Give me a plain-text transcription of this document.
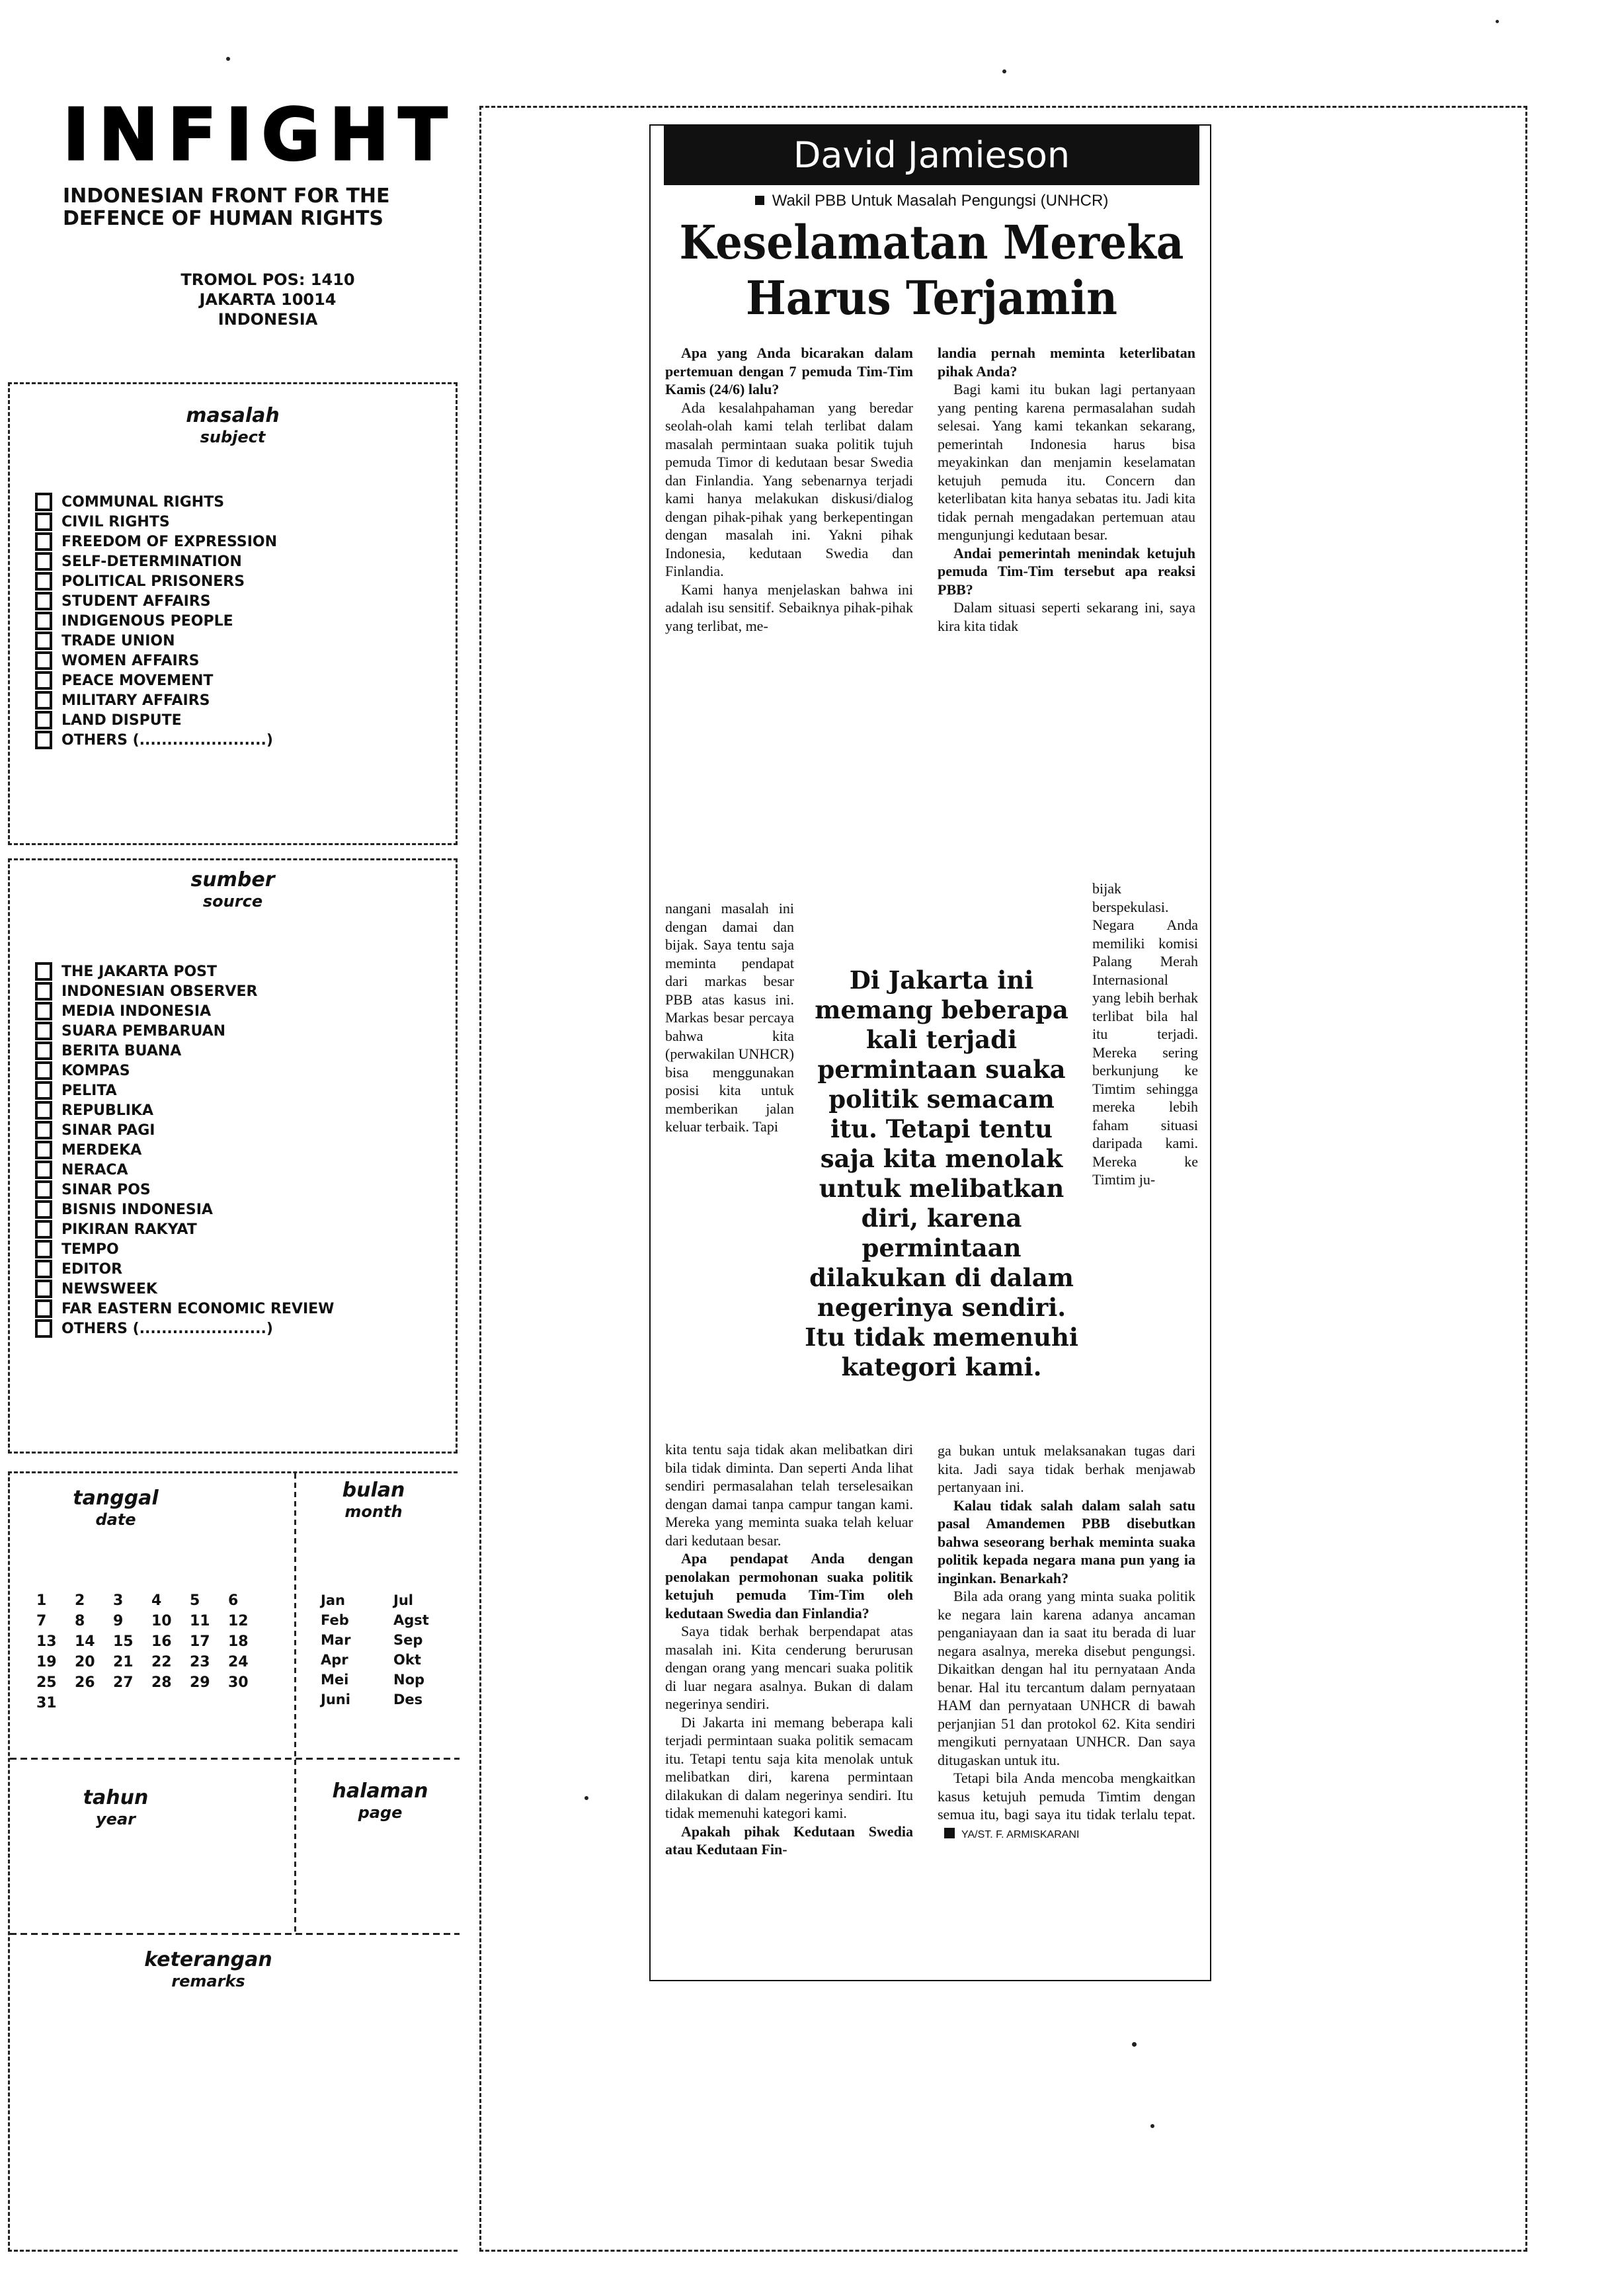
INFIGHT
INDONESIAN FRONT FOR THE DEFENCE OF HUMAN RIGHTS
TROMOL POS: 1410
JAKARTA 10014
INDONESIA
masalah
subject
COMMUNAL RIGHTS
CIVIL RIGHTS
FREEDOM OF EXPRESSION
SELF-DETERMINATION
POLITICAL PRISONERS
STUDENT AFFAIRS
INDIGENOUS PEOPLE
TRADE UNION
WOMEN AFFAIRS
PEACE MOVEMENT
MILITARY AFFAIRS
LAND DISPUTE
OTHERS (.......................)
sumber
source
THE JAKARTA POST
INDONESIAN OBSERVER
MEDIA INDONESIA
SUARA PEMBARUAN
BERITA BUANA
KOMPAS
PELITA
REPUBLIKA
SINAR PAGI
MERDEKA
NERACA
SINAR POS
BISNIS INDONESIA
PIKIRAN RAKYAT
TEMPO
EDITOR
NEWSWEEK
FAR EASTERN ECONOMIC REVIEW
OTHERS (.......................)
tanggal
date
bulan
month
1	2	3	4	5	6
7	8	9	10	11	12
13	14	15	16	17	18
19	20	21	22	23	24
25	26	27	28	29	30
31
Jan	Jul
Feb	Agst
Mar	Sep
Apr	Okt
Mei	Nop
Juni	Des
tahun
year
halaman
page
keterangan
remarks
David Jamieson
Wakil PBB Untuk Masalah Pengungsi (UNHCR)
Keselamatan Mereka
Harus Terjamin

Apa yang Anda bicarakan dalam pertemuan dengan 7 pemuda Tim-Tim Kamis (24/6) lalu?

Ada kesalahpahaman yang beredar seolah-olah kami telah terlibat dalam masalah permintaan suaka politik tujuh pemuda Timor di kedutaan besar Swedia dan Finlandia. Yang sebenarnya terjadi kami hanya melakukan diskusi/dialog dengan pihak-pihak yang berkepentingan dengan masalah ini. Yakni pihak Indonesia, kedutaan Swedia dan Finlandia.

Kami hanya menjelaskan bahwa ini adalah isu sensitif. Sebaiknya pihak-pihak yang terlibat, me-

nangani masalah ini dengan damai dan bijak. Saya tentu saja meminta pendapat dari markas besar PBB atas kasus ini. Markas besar percaya bahwa kita (perwakilan UNHCR) bisa menggunakan posisi kita untuk memberikan jalan keluar terbaik. Tapi

Di Jakarta ini memang beberapa kali terjadi permintaan suaka politik semacam itu. Tetapi tentu saja kita menolak untuk melibatkan diri, karena permintaan dilakukan di dalam negerinya sendiri. Itu tidak memenuhi kategori kami.

landia pernah meminta keterlibatan pihak Anda?

Bagi kami itu bukan lagi pertanyaan yang penting karena permasalahan sudah selesai. Yang kami tekankan sekarang, pemerintah Indonesia harus bisa meyakinkan dan menjamin keselamatan ketujuh pemuda itu. Concern dan keterlibatan kita hanya sebatas itu. Jadi kita tidak pernah mengadakan pertemuan atau mengunjungi kedutaan besar.

Andai pemerintah menindak ketujuh pemuda Tim-Tim tersebut apa reaksi PBB?

Dalam situasi seperti sekarang ini, saya kira kita tidak

bijak berspekulasi. Negara Anda memiliki komisi Palang Merah Internasional yang lebih berhak terlibat bila hal itu terjadi. Mereka sering berkunjung ke Timtim sehingga mereka lebih faham situasi daripada kami. Mereka ke Timtim ju-

kita tentu saja tidak akan melibatkan diri bila tidak diminta. Dan seperti Anda lihat sendiri permasalahan telah terselesaikan dengan damai tanpa campur tangan kami. Mereka yang meminta suaka telah keluar dari kedutaan besar.

Apa pendapat Anda dengan penolakan permohonan suaka politik ketujuh pemuda Tim-Tim oleh kedutaan Swedia dan Finlandia?

Saya tidak berhak berpendapat atas masalah ini. Kita cenderung berurusan dengan orang yang mencari suaka politik di luar negara asalnya. Bukan di dalam negerinya sendiri.

Di Jakarta ini memang beberapa kali terjadi permintaan suaka politik semacam itu. Tetapi tentu saja kita menolak untuk melibatkan diri, karena permintaan dilakukan di dalam negerinya sendiri. Itu tidak memenuhi kategori kami.

Apakah pihak Kedutaan Swedia atau Kedutaan Fin-

ga bukan untuk melaksanakan tugas dari kita. Jadi saya tidak berhak menjawab pertanyaan ini.

Kalau tidak salah dalam salah satu pasal Amandemen PBB disebutkan bahwa seseorang berhak meminta suaka politik kepada negara mana pun yang ia inginkan. Benarkah?

Bila ada orang yang minta suaka politik ke negara lain karena adanya ancaman penganiayaan dan ia saat itu berada di luar negara asalnya, mereka disebut pengungsi. Dikaitkan dengan hal itu pernyataan Anda benar. Hal itu tercantum dalam pernyataan HAM dan pernyataan UNHCR di bawah perjanjian 51 dan protokol 62. Kita sendiri mengikuti pernyataan UNHCR. Dan saya ditugaskan untuk itu.

Tetapi bila Anda mencoba mengkaitkan kasus ketujuh pemuda Timtim dengan semua itu, bagi saya itu tidak terlalu tepat.YA/ST. F. ARMISKARANI
